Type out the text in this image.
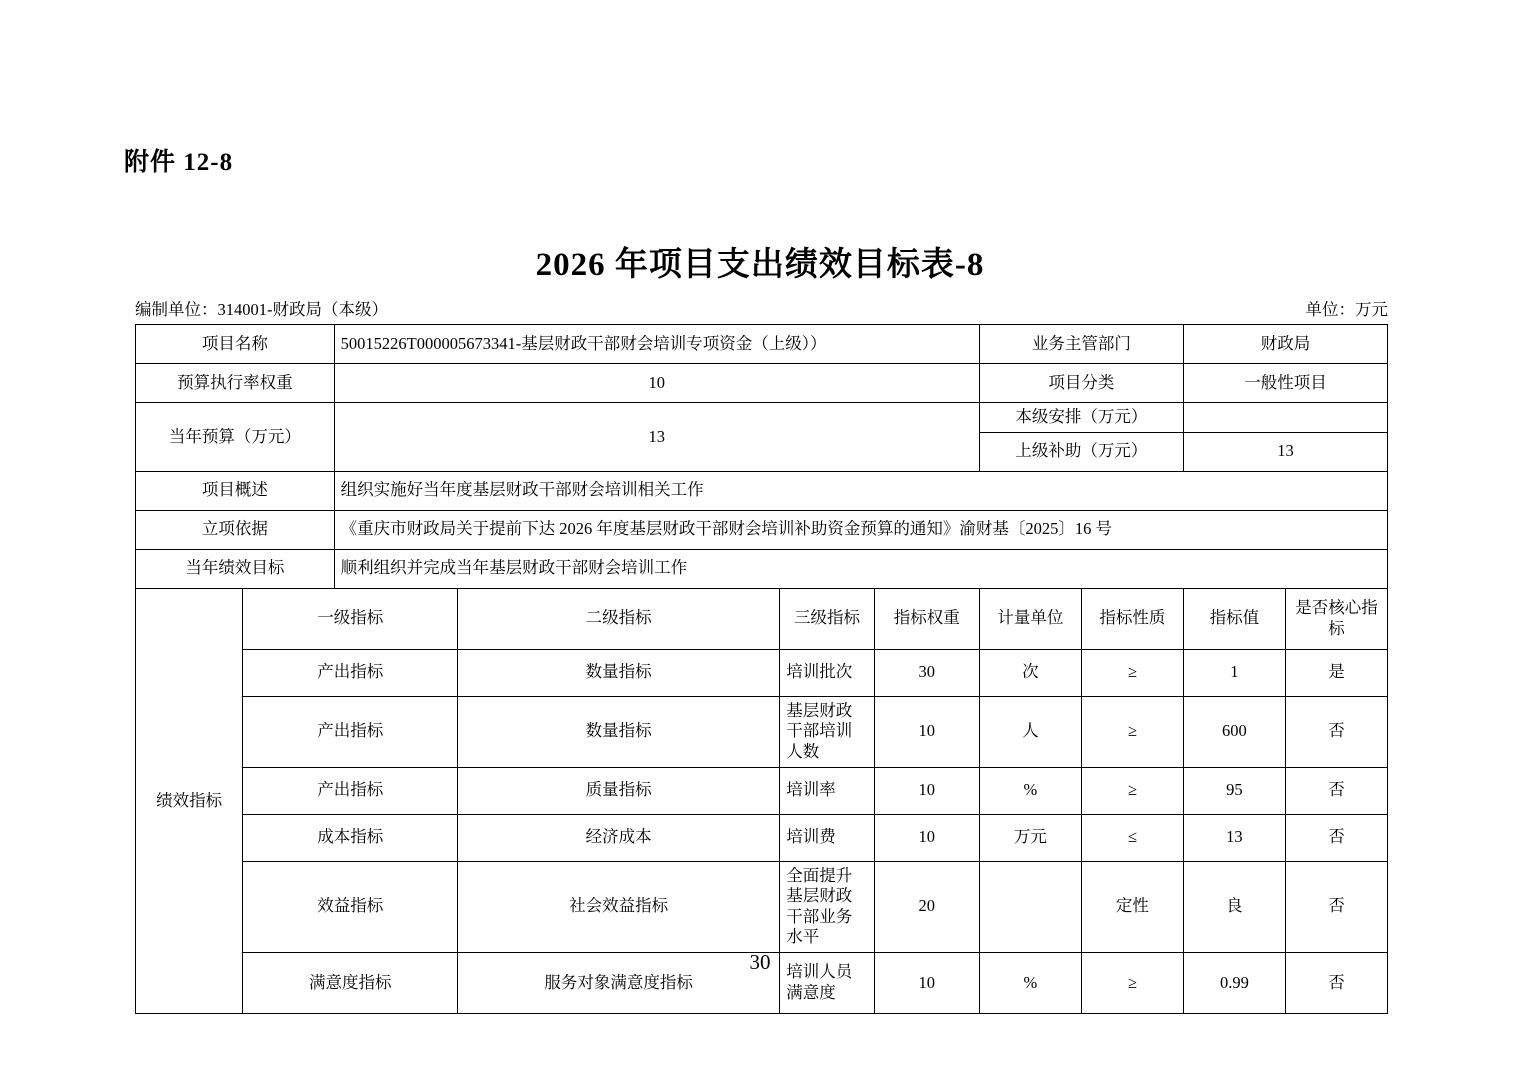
附件 12-8
2026 年项目支出绩效目标表-8
编制单位：314001-财政局（本级）	单位：万元
项目名称		50015226T000005673341-基层财政干部财会培训专项资金（上级））				业务主管部门		财政局	
预算执行率权重		10				项目分类		一般性项目	
当年预算（万元）		13				本级安排（万元）			
						上级补助（万元）		13	
项目概述		组织实施好当年度基层财政干部财会培训相关工作							
立项依据		《重庆市财政局关于提前下达 2026 年度基层财政干部财会培训补助资金预算的通知》渝财基〔2025〕16 号							
当年绩效目标		顺利组织并完成当年基层财政干部财会培训工作							
绩效指标	一级指标		二级指标	三级指标	指标权重	计量单位	指标性质	指标值	是否核心指标
	产出指标		数量指标	培训批次	30	次	≥	1	是
	产出指标		数量指标	基层财政干部培训人数	10	人	≥	600	否
	产出指标		质量指标	培训率	10	%	≥	95	否
	成本指标		经济成本	培训费	10	万元	≤	13	否
	效益指标		社会效益指标	全面提升基层财政干部业务水平	20		定性	良	否
	满意度指标		服务对象满意度指标	培训人员满意度	10	%	≥	0.99	否
30
